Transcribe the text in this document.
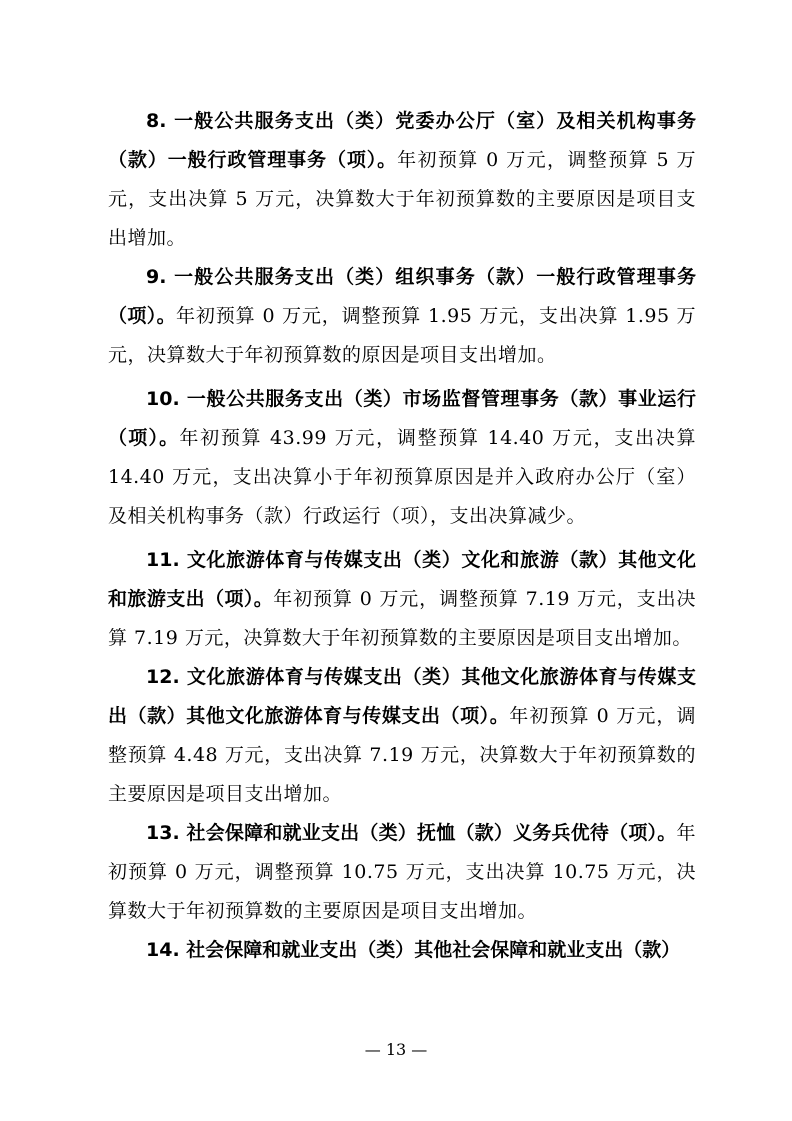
8. 一般公共服务支出（类）党委办公厅（室）及相关机构事务（款）一般行政管理事务（项）。年初预算 0 万元，调整预算 5 万元，支出决算 5 万元，决算数大于年初预算数的主要原因是项目支出增加。

9. 一般公共服务支出（类）组织事务（款）一般行政管理事务（项）。年初预算 0 万元，调整预算 1.95 万元，支出决算 1.95 万元，决算数大于年初预算数的原因是项目支出增加。

10. 一般公共服务支出（类）市场监督管理事务（款）事业运行（项）。年初预算 43.99 万元，调整预算 14.40 万元，支出决算 14.40 万元，支出决算小于年初预算原因是并入政府办公厅（室）及相关机构事务（款）行政运行（项），支出决算减少。

11. 文化旅游体育与传媒支出（类）文化和旅游（款）其他文化和旅游支出（项）。年初预算 0 万元，调整预算 7.19 万元，支出决算 7.19 万元，决算数大于年初预算数的主要原因是项目支出增加。

12. 文化旅游体育与传媒支出（类）其他文化旅游体育与传媒支出（款）其他文化旅游体育与传媒支出（项）。年初预算 0 万元，调整预算 4.48 万元，支出决算 7.19 万元，决算数大于年初预算数的主要原因是项目支出增加。

13. 社会保障和就业支出（类）抚恤（款）义务兵优待（项）。年初预算 0 万元，调整预算 10.75 万元，支出决算 10.75 万元，决算数大于年初预算数的主要原因是项目支出增加。

14. 社会保障和就业支出（类）其他社会保障和就业支出（款）

— 13 —
